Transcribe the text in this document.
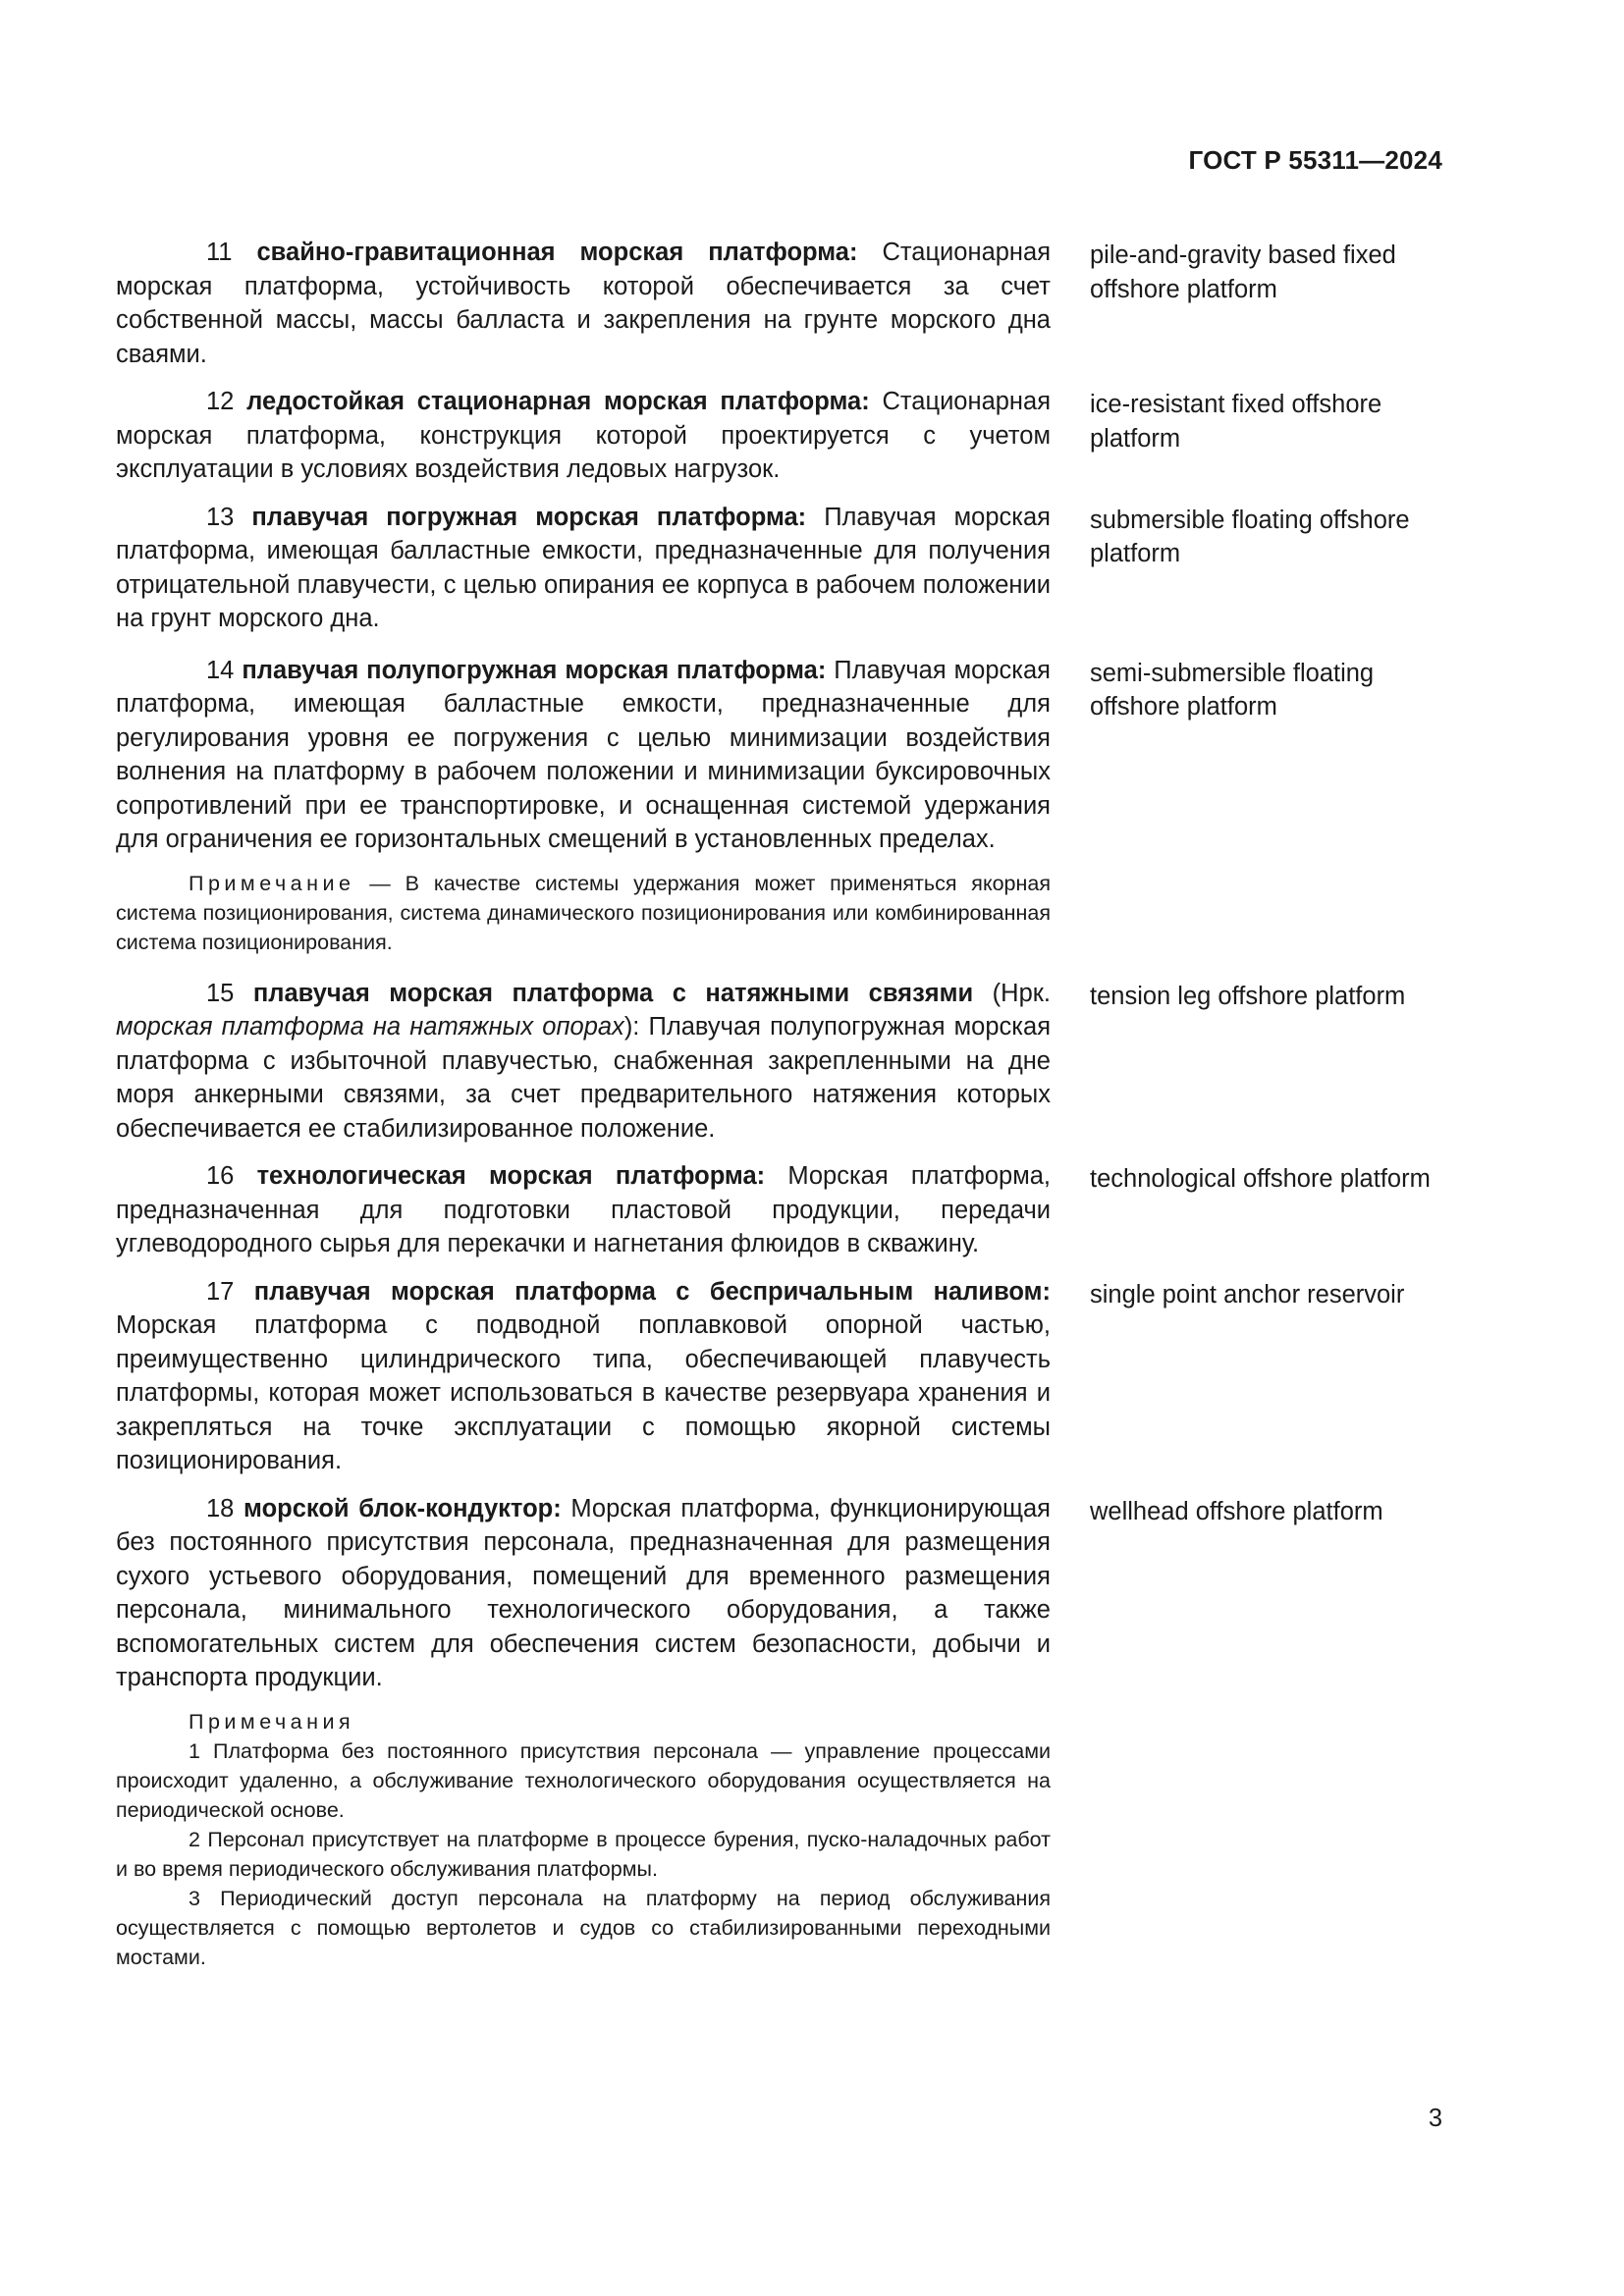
ГОСТ Р 55311—2024
11 свайно-гравитационная морская платформа: Стационарная морская платформа, устойчивость которой обеспечивается за счет собственной массы, массы балласта и закрепления на грунте морского дна сваями.
pile-and-gravity based fixed offshore platform
12 ледостойкая стационарная морская платформа: Стационарная морская платформа, конструкция которой проектируется с учетом эксплуатации в условиях воздействия ледовых нагрузок.
ice-resistant fixed offshore platform
13 плавучая погружная морская платформа: Плавучая морская платформа, имеющая балластные емкости, предназначенные для получения отрицательной плавучести, с целью опирания ее корпуса в рабочем положении на грунт морского дна.
submersible floating offshore platform
14 плавучая полупогружная морская платформа: Плавучая морская платформа, имеющая балластные емкости, предназначенные для регулирования уровня ее погружения с целью минимизации воздействия волнения на платформу в рабочем положении и минимизации буксировочных сопротивлений при ее транспортировке, и оснащенная системой удержания для ограничения ее горизонтальных смещений в установленных пределах.
semi-submersible floating offshore platform

Примечание — В качестве системы удержания может применяться якорная система позиционирования, система динамического позиционирования или комбинированная система позиционирования.

15 плавучая морская платформа с натяжными связями (Нрк. морская платформа на натяжных опорах): Плавучая полупогружная морская платформа с избыточной плавучестью, снабженная закрепленными на дне моря анкерными связями, за счет предварительного натяжения которых обеспечивается ее стабилизированное положение.
tension leg offshore platform
16 технологическая морская платформа: Морская платформа, предназначенная для подготовки пластовой продукции, передачи углеводородного сырья для перекачки и нагнетания флюидов в скважину.
technological offshore platform
17 плавучая морская платформа с беспричальным наливом: Морская платформа с подводной поплавковой опорной частью, преимущественно цилиндрического типа, обеспечивающей плавучесть платформы, которая может использоваться в качестве резервуара хранения и закрепляться на точке эксплуатации с помощью якорной системы позиционирования.
single point anchor reservoir
18 морской блок-кондуктор: Морская платформа, функционирующая без постоянного присутствия персонала, предназначенная для размещения сухого устьевого оборудования, помещений для временного размещения персонала, минимального технологического оборудования, а также вспомогательных систем для обеспечения систем безопасности, добычи и транспорта продукции.
wellhead offshore platform

Примечания

1 Платформа без постоянного присутствия персонала — управление процессами происходит удаленно, а обслуживание технологического оборудования осуществляется на периодической основе.

2 Персонал присутствует на платформе в процессе бурения, пуско-наладочных работ и во время периодического обслуживания платформы.

3 Периодический доступ персонала на платформу на период обслуживания осуществляется с помощью вертолетов и судов со стабилизированными переходными мостами.

3
